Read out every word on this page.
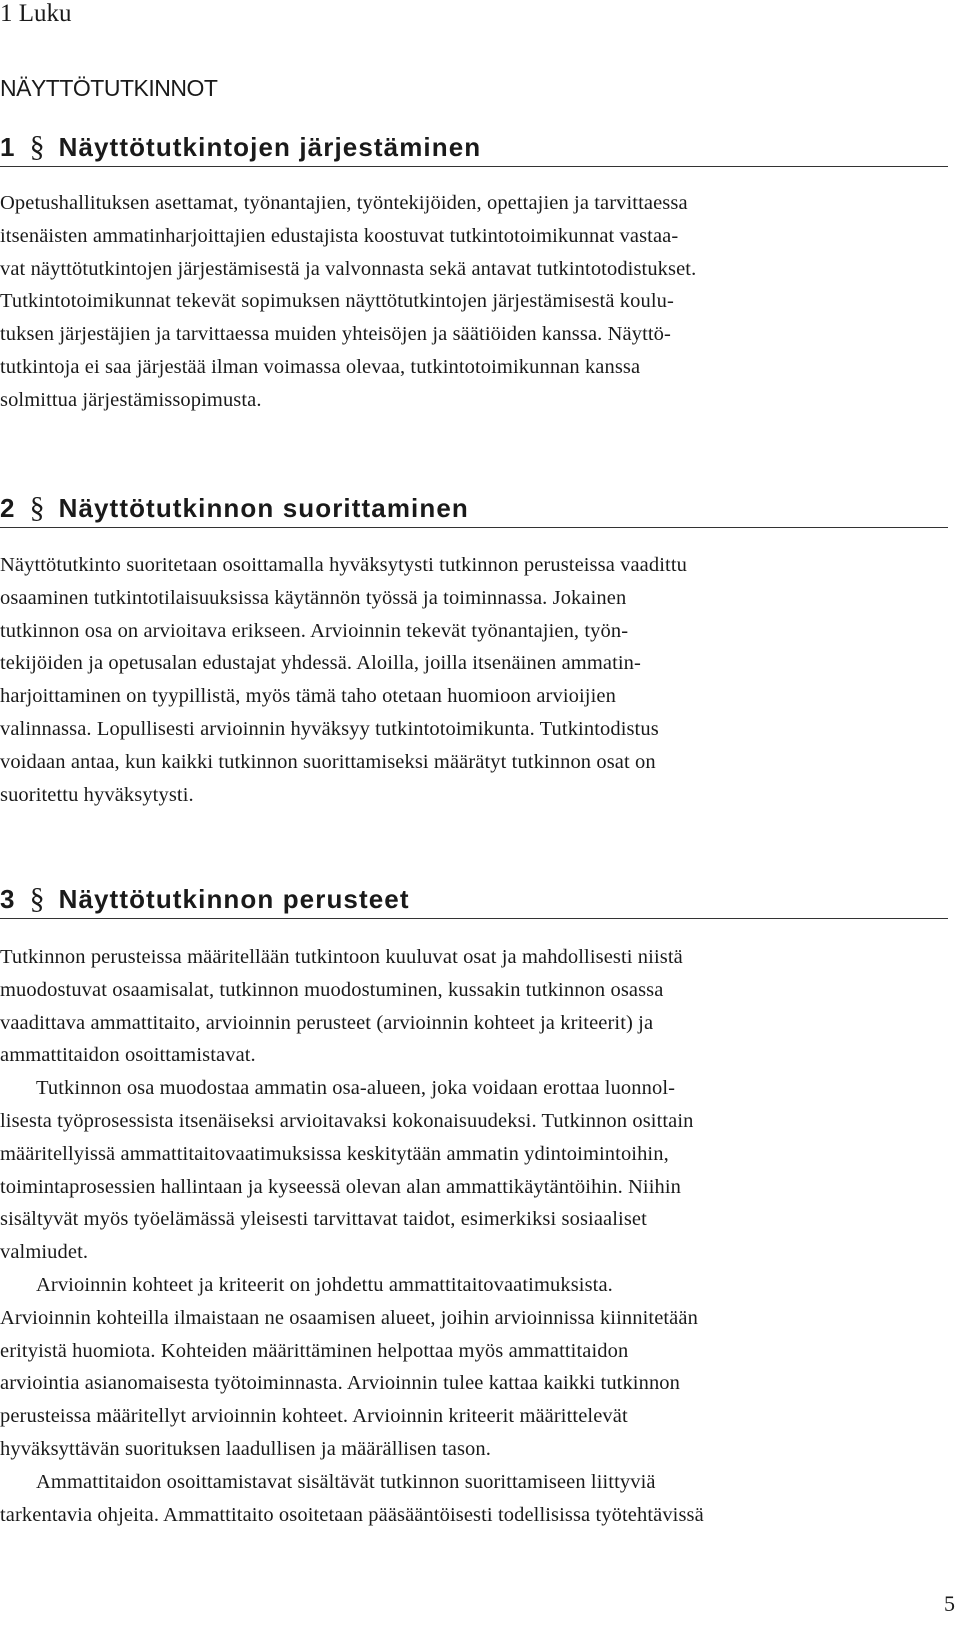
1 Luku
NÄYTTÖTUTKINNOT
1 § Näyttötutkintojen järjestäminen
Opetushallituksen asettamat, työnantajien, työntekijöiden, opettajien ja tarvittaessa
itsenäisten ammatinharjoittajien edustajista koostuvat tutkintotoimikunnat vastaa-
vat näyttötutkintojen järjestämisestä ja valvonnasta sekä antavat tutkintotodistukset.
Tutkintotoimikunnat tekevät sopimuksen näyttötutkintojen järjestämisestä koulu-
tuksen järjestäjien ja tarvittaessa muiden yhteisöjen ja säätiöiden kanssa. Näyttö-
tutkintoja ei saa järjestää ilman voimassa olevaa, tutkintotoimikunnan kanssa
solmittua järjestämissopimusta.
2 § Näyttötutkinnon suorittaminen
Näyttötutkinto suoritetaan osoittamalla hyväksytysti tutkinnon perusteissa vaadittu
osaaminen tutkintotilaisuuksissa käytännön työssä ja toiminnassa. Jokainen
tutkinnon osa on arvioitava erikseen. Arvioinnin tekevät työnantajien, työn-
tekijöiden ja opetusalan edustajat yhdessä. Aloilla, joilla itsenäinen ammatin-
harjoittaminen on tyypillistä, myös tämä taho otetaan huomioon arvioijien
valinnassa. Lopullisesti arvioinnin hyväksyy tutkintotoimikunta. Tutkintodistus
voidaan antaa, kun kaikki tutkinnon suorittamiseksi määrätyt tutkinnon osat on
suoritettu hyväksytysti.
3 § Näyttötutkinnon perusteet
Tutkinnon perusteissa määritellään tutkintoon kuuluvat osat ja mahdollisesti niistä
muodostuvat osaamisalat, tutkinnon muodostuminen, kussakin tutkinnon osassa
vaadittava ammattitaito, arvioinnin perusteet (arvioinnin kohteet ja kriteerit) ja
ammattitaidon osoittamistavat.
Tutkinnon osa muodostaa ammatin osa-alueen, joka voidaan erottaa luonnol-
lisesta työprosessista itsenäiseksi arvioitavaksi kokonaisuudeksi. Tutkinnon osittain
määritellyissä ammattitaitovaatimuksissa keskitytään ammatin ydintoimintoihin,
toimintaprosessien hallintaan ja kyseessä olevan alan ammattikäytäntöihin. Niihin
sisältyvät myös työelämässä yleisesti tarvittavat taidot, esimerkiksi sosiaaliset
valmiudet.
Arvioinnin kohteet ja kriteerit on johdettu ammattitaitovaatimuksista.
Arvioinnin kohteilla ilmaistaan ne osaamisen alueet, joihin arvioinnissa kiinnitetään
erityistä huomiota. Kohteiden määrittäminen helpottaa myös ammattitaidon
arviointia asianomaisesta työtoiminnasta. Arvioinnin tulee kattaa kaikki tutkinnon
perusteissa määritellyt arvioinnin kohteet. Arvioinnin kriteerit määrittelevät
hyväksyttävän suorituksen laadullisen ja määrällisen tason.
Ammattitaidon osoittamistavat sisältävät tutkinnon suorittamiseen liittyviä
tarkentavia ohjeita. Ammattitaito osoitetaan pääsääntöisesti todellisissa työtehtävissä
5
